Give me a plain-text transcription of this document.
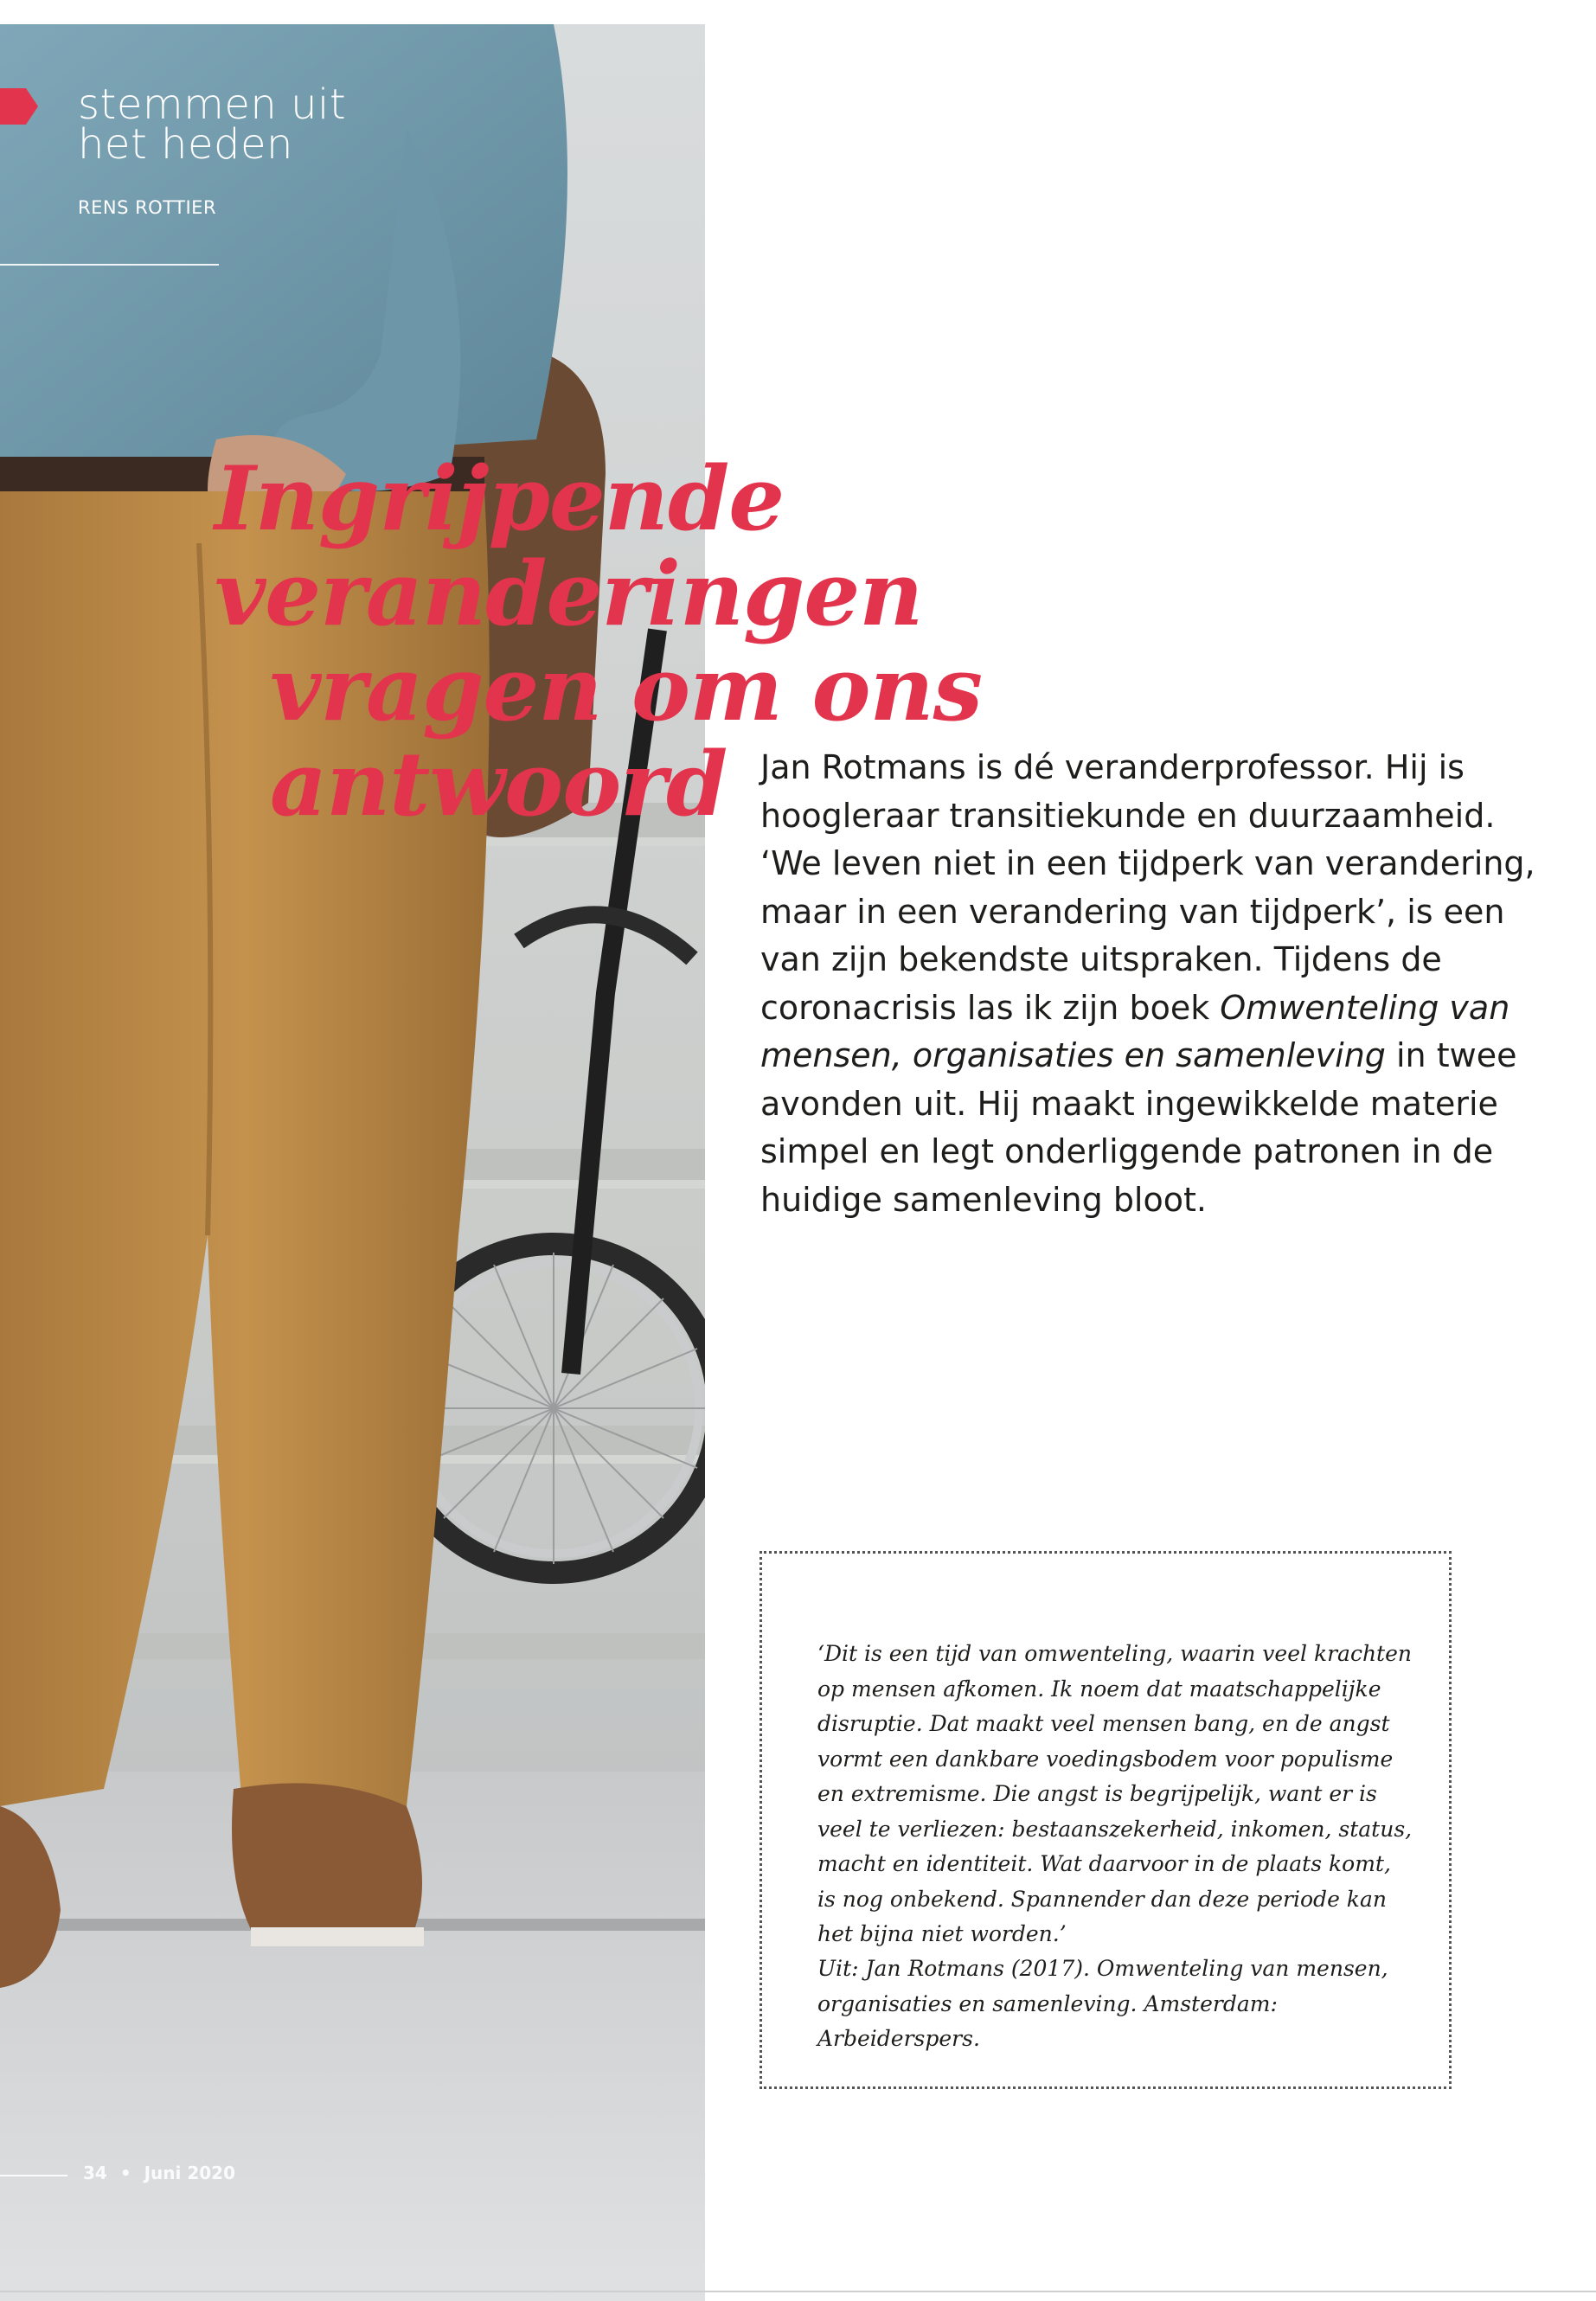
stemmen uit
het heden
RENS ROTTIER
Ingrijpende veranderingen
vragen om ons antwoord	Jan Rotmans is dé veranderprofessor. Hij is hoogleraar transitiekunde en duurzaamheid. ‘We leven niet in een tijdperk van verandering, maar in een verandering van tijdperk’, is een van zijn bekendste uitspraken. Tijdens de coronacrisis las ik zijn boek Omwenteling van mensen, organisaties en samenleving in twee avonden uit. Hij maakt ingewikkelde materie simpel en legt onderliggende patronen in de huidige samenleving bloot.
‘Dit is een tijd van omwenteling, waarin veel krachten op mensen afkomen. Ik noem dat maatschappelijke disruptie. Dat maakt veel mensen bang, en de angst vormt een dankbare voedingsbodem voor populisme en extremisme. Die angst is begrijpelijk, want er is veel te verliezen: bestaanszekerheid, inkomen, status, macht en identiteit. Wat daarvoor in de plaats komt, is nog onbekend. Spannender dan deze periode kan het bijna niet worden.’
Uit: Jan Rotmans (2017). Omwenteling van mensen, organisaties en samenleving. Amsterdam: Arbeiderspers.
34 • Juni 2020
